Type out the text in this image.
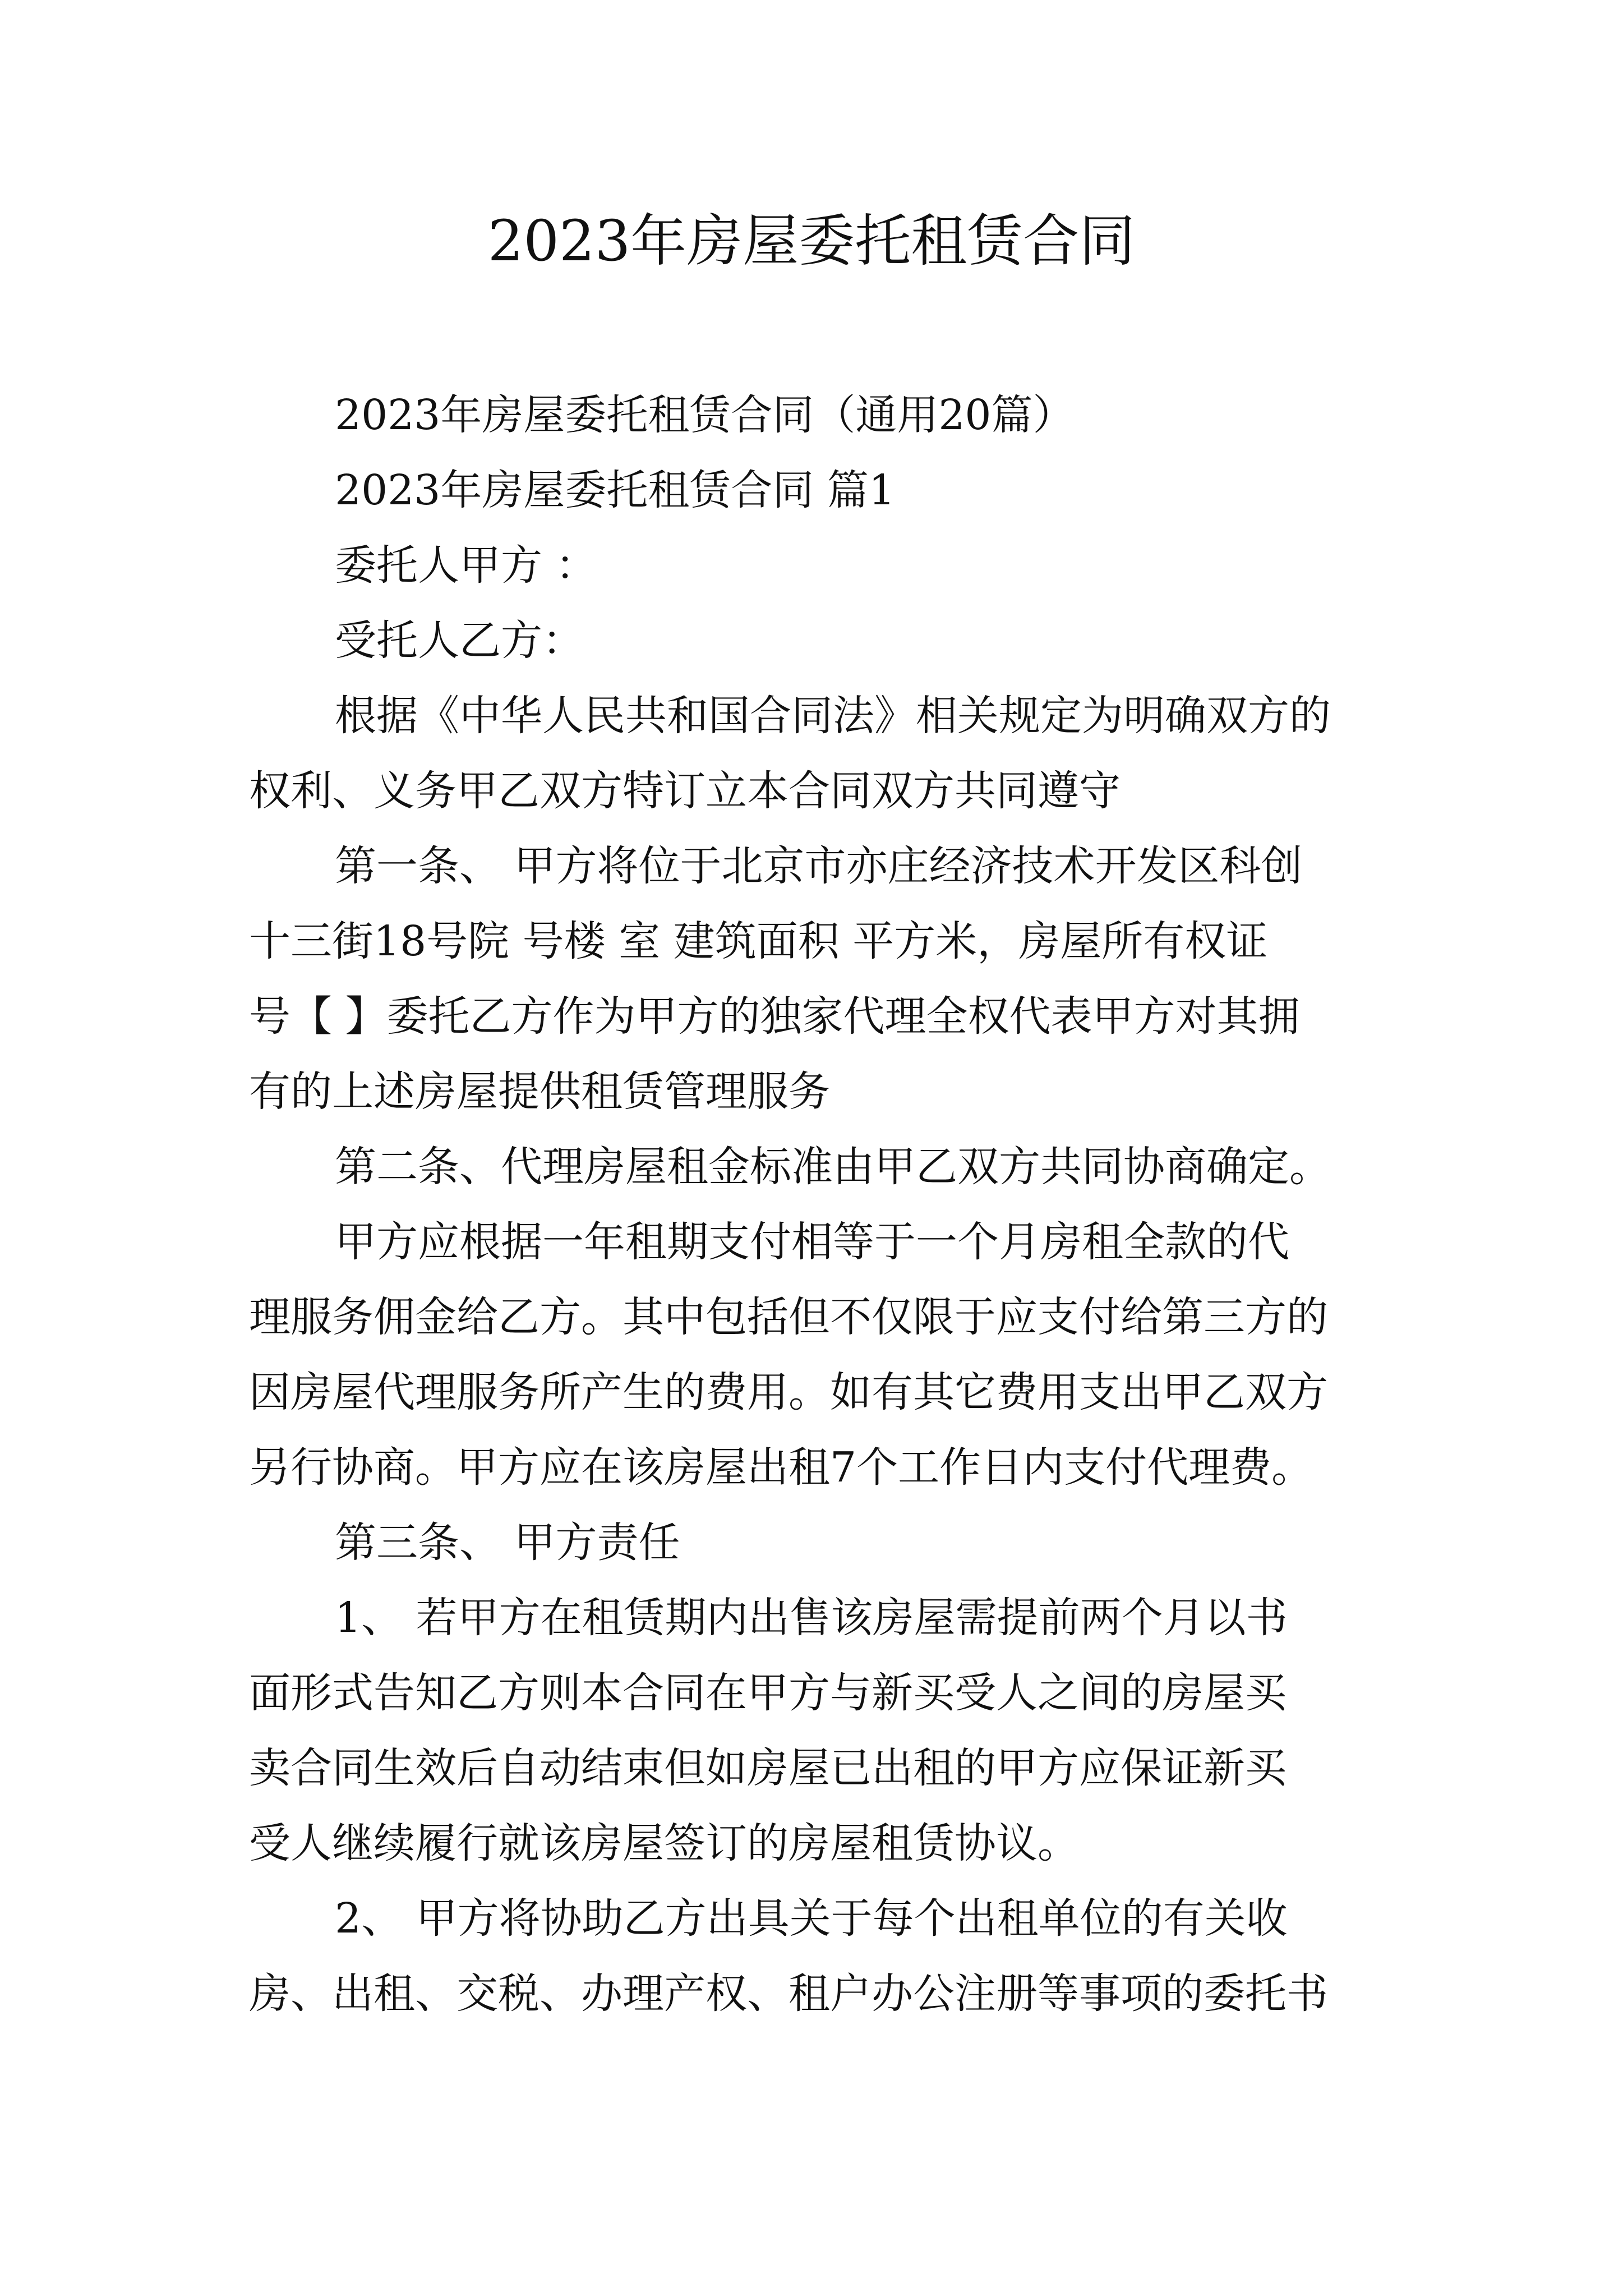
2023年房屋委托租赁合同
2023年房屋委托租赁合同（通用20篇）
2023年房屋委托租赁合同 篇1
委托人甲方 ：
受托人乙方：
根据《中华人民共和国合同法》相关规定为明确双方的
权利、义务甲乙双方特订立本合同双方共同遵守
第一条、 甲方将位于北京市亦庄经济技术开发区科创
十三街18号院 号楼 室 建筑面积 平方米，房屋所有权证
号【 】委托乙方作为甲方的独家代理全权代表甲方对其拥
有的上述房屋提供租赁管理服务
第二条、代理房屋租金标准由甲乙双方共同协商确定。
甲方应根据一年租期支付相等于一个月房租全款的代
理服务佣金给乙方。其中包括但不仅限于应支付给第三方的
因房屋代理服务所产生的费用。如有其它费用支出甲乙双方
另行协商。甲方应在该房屋出租7个工作日内支付代理费。
第三条、 甲方责任
1、 若甲方在租赁期内出售该房屋需提前两个月以书
面形式告知乙方则本合同在甲方与新买受人之间的房屋买
卖合同生效后自动结束但如房屋已出租的甲方应保证新买
受人继续履行就该房屋签订的房屋租赁协议。
2、 甲方将协助乙方出具关于每个出租单位的有关收
房、出租、交税、办理产权、租户办公注册等事项的委托书
